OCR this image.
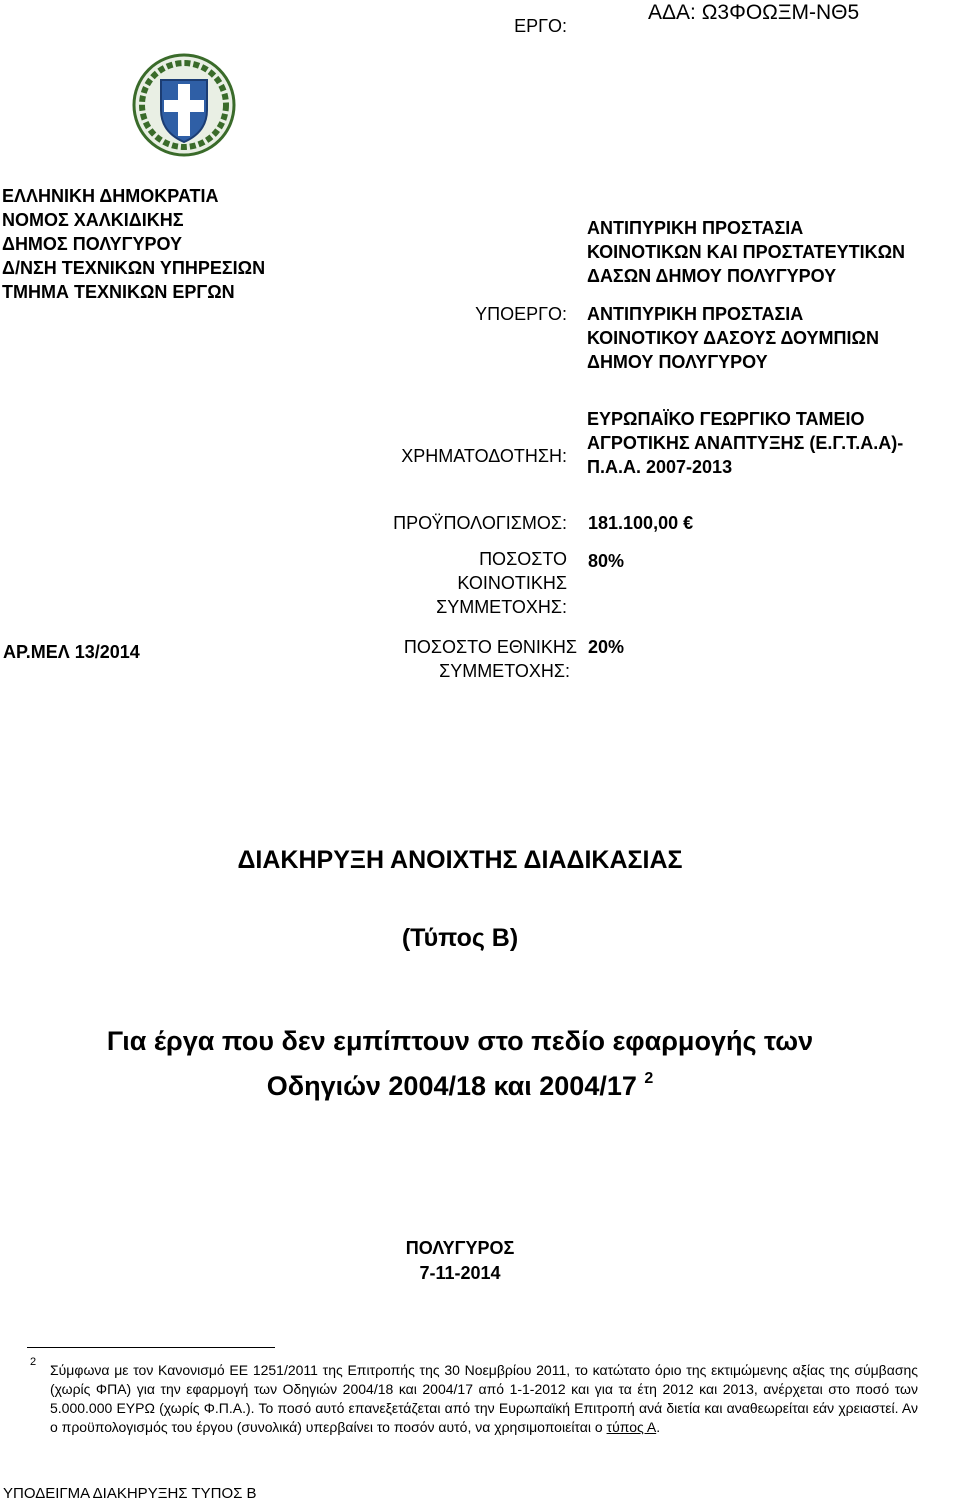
ΑΔΑ: Ω3ΦΟΩΞΜ-ΝΘ5
ΕΛΛΗΝΙΚΗ ΔΗΜΟΚΡΑΤΙΑ
ΝΟΜΟΣ ΧΑΛΚΙΔΙΚΗΣ
ΔΗΜΟΣ ΠΟΛΥΓΥΡΟΥ
Δ/ΝΣΗ ΤΕΧΝΙΚΩΝ ΥΠΗΡΕΣΙΩΝ
ΤΜΗΜΑ ΤΕΧΝΙΚΩΝ ΕΡΓΩΝ
ΕΡΓΟ:
ΑΝΤΙΠΥΡΙΚΗ ΠΡΟΣΤΑΣΙΑ
ΚΟΙΝΟΤΙΚΩΝ ΚΑΙ ΠΡΟΣΤΑΤΕΥΤΙΚΩΝ
ΔΑΣΩΝ ΔΗΜΟΥ ΠΟΛΥΓΥΡΟΥ
ΥΠΟΕΡΓΟ: ΑΝΤΙΠΥΡΙΚΗ ΠΡΟΣΤΑΣΙΑ
ΚΟΙΝΟΤΙΚΟΥ ΔΑΣΟΥΣ ΔΟΥΜΠΙΩΝ
ΔΗΜΟΥ ΠΟΛΥΓΥΡΟΥ
ΧΡΗΜΑΤΟΔΟΤΗΣΗ:
ΕΥΡΩΠΑΪΚΟ ΓΕΩΡΓΙΚΟ ΤΑΜΕΙΟ
ΑΓΡΟΤΙΚΗΣ ΑΝΑΠΤΥΞΗΣ (Ε.Γ.Τ.Α.Α)-
Π.Α.Α. 2007-2013
ΠΡΟΫΠΟΛΟΓΙΣΜΟΣ: 181.100,00 €
ΠΟΣΟΣΤΟ
ΚΟΙΝΟΤΙΚΗΣ
ΣΥΜΜΕΤΟΧΗΣ:
80%
ΠΟΣΟΣΤΟ ΕΘΝΙΚΗΣ
ΣΥΜΜΕΤΟΧΗΣ:
20%
ΑΡ.ΜΕΛ 13/2014
ΔΙΑΚΗΡΥΞΗ ΑΝΟΙΧΤΗΣ ΔΙΑΔΙΚΑΣΙΑΣ
(Τύπος Β)
Για έργα που δεν εμπίπτουν στο πεδίο εφαρμογής των
Οδηγιών 2004/18 και 2004/17 $^2$
ΠΟΛΥΓΥΡΟΣ
7-11-2014
2 Σύμφωνα με τον Κανονισμό ΕΕ 1251/2011 της Επιτροπής της 30 Νοεμβρίου 2011, το κατώτατο όριο της εκτιμώμενης αξίας της σύμβασης (χωρίς ΦΠΑ) για την εφαρμογή των Οδηγιών 2004/18 και 2004/17 από 1-1-2012 και για τα έτη 2012 και 2013, ανέρχεται στο ποσό των 5.000.000 ΕΥΡΩ (χωρίς Φ.Π.Α.). Το ποσό αυτό επανεξετάζεται από την Ευρωπαϊκή Επιτροπή ανά διετία και αναθεωρείται εάν χρειαστεί. Αν ο προϋπολογισμός του έργου (συνολικά) υπερβαίνει το ποσόν αυτό, να χρησιμοποιείται ο τύπος Α.
ΥΠΟΔΕΙΓΜΑ ΔΙΑΚΗΡΥΞΗΣ ΤΥΠΟΣ Β
